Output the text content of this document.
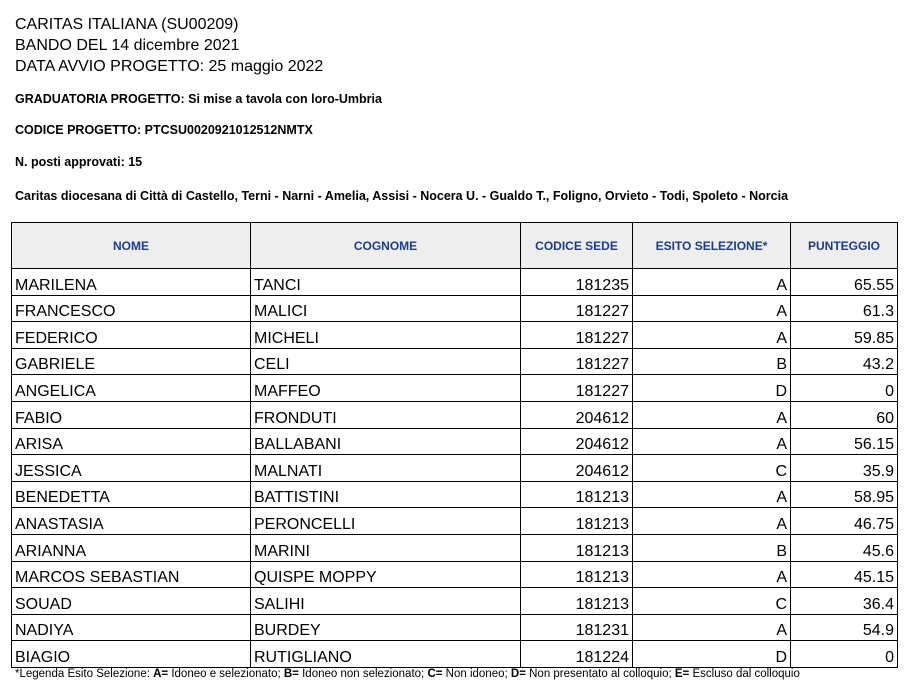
CARITAS ITALIANA (SU00209)
BANDO DEL 14 dicembre 2021
DATA AVVIO PROGETTO: 25 maggio 2022
GRADUATORIA PROGETTO: Si mise a tavola con loro-Umbria
CODICE PROGETTO: PTCSU0020921012512NMTX
N. posti approvati: 15
Caritas diocesana di Città di Castello, Terni - Narni - Amelia, Assisi - Nocera U. - Gualdo T., Foligno, Orvieto - Todi, Spoleto - Norcia
NOME	COGNOME	CODICE SEDE	ESITO SELEZIONE*	PUNTEGGIO
MARILENA	TANCI	181235	A	65.55
FRANCESCO	MALICI	181227	A	61.3
FEDERICO	MICHELI	181227	A	59.85
GABRIELE	CELI	181227	B	43.2
ANGELICA	MAFFEO	181227	D	0
FABIO	FRONDUTI	204612	A	60
ARISA	BALLABANI	204612	A	56.15
JESSICA	MALNATI	204612	C	35.9
BENEDETTA	BATTISTINI	181213	A	58.95
ANASTASIA	PERONCELLI	181213	A	46.75
ARIANNA	MARINI	181213	B	45.6
MARCOS SEBASTIAN	QUISPE MOPPY	181213	A	45.15
SOUAD	SALIHI	181213	C	36.4
NADIYA	BURDEY	181231	A	54.9
BIAGIO	RUTIGLIANO	181224	D	0
*Legenda Esito Selezione: A= Idoneo e selezionato; B= Idoneo non selezionato; C= Non idoneo; D= Non presentato al colloquio; E= Escluso dal colloquio
